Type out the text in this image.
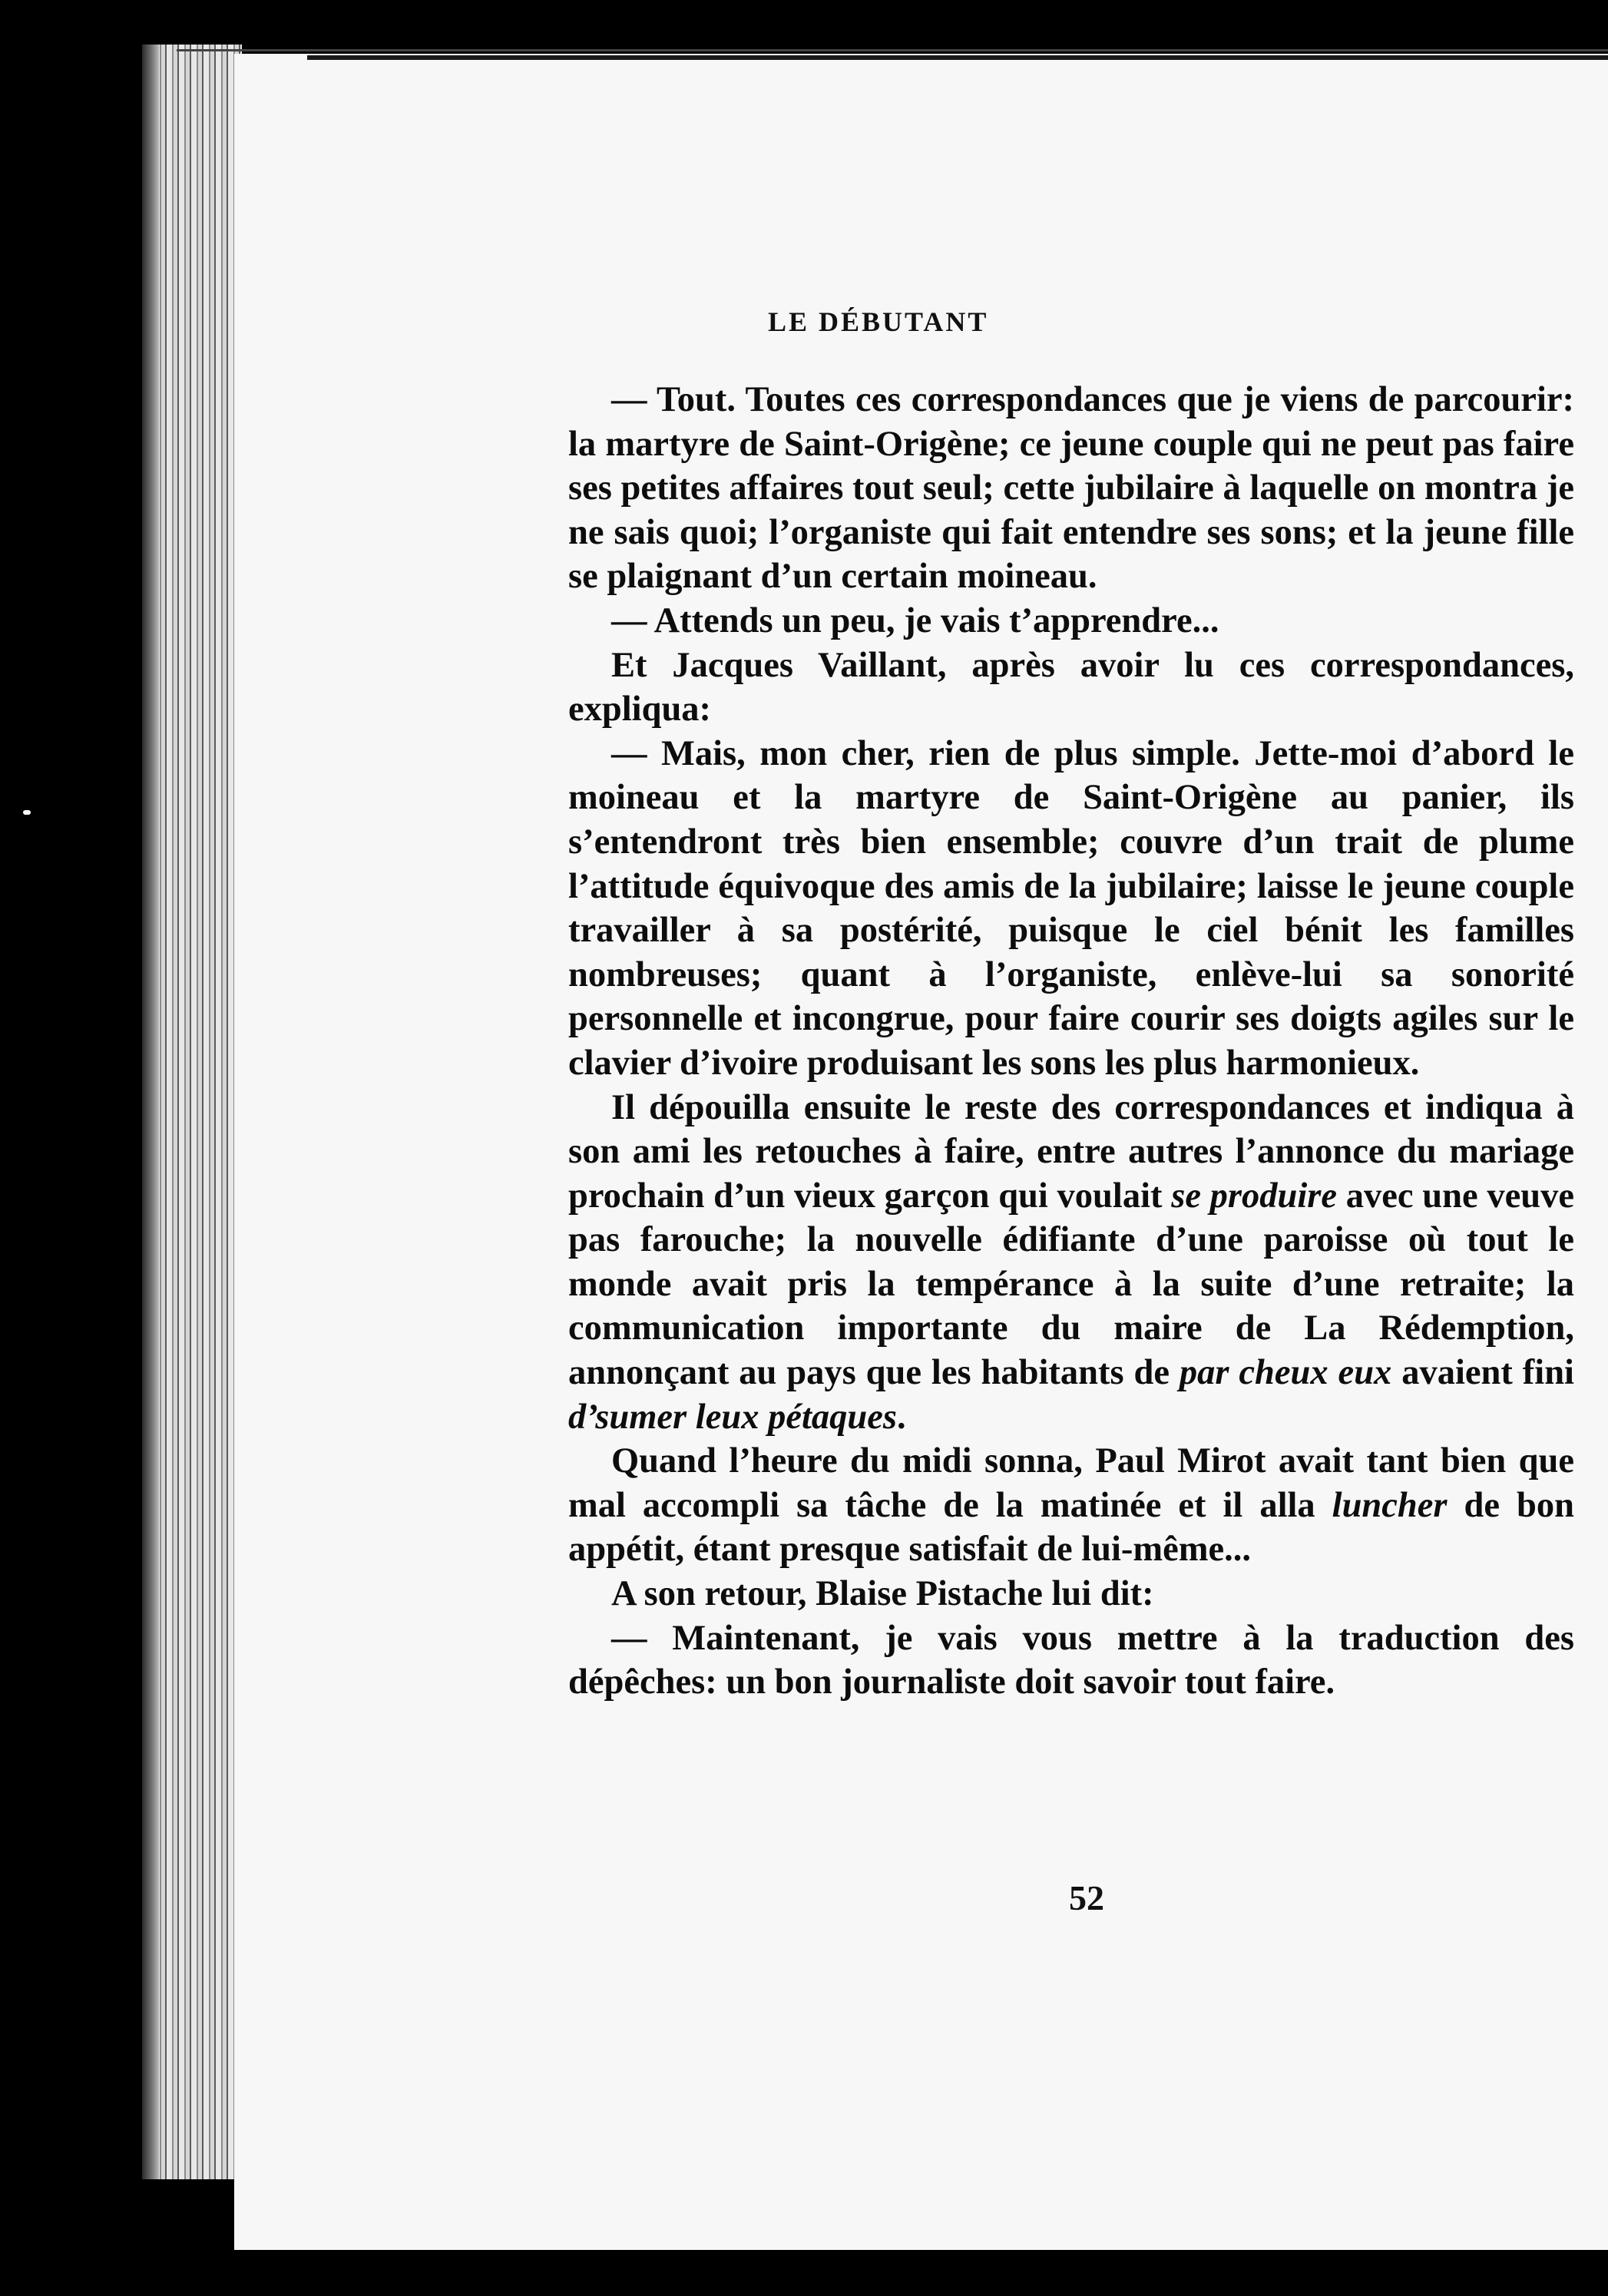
LE DÉBUTANT

— Tout. Toutes ces correspondances que je viens de parcourir: la martyre de Saint-Origène; ce jeune couple qui ne peut pas faire ses petites affaires tout seul; cette jubilaire à laquelle on montra je ne sais quoi; l’organiste qui fait entendre ses sons; et la jeune fille se plaignant d’un certain moineau.

— Attends un peu, je vais t’apprendre...

Et Jacques Vaillant, après avoir lu ces correspondances, expliqua:

— Mais, mon cher, rien de plus simple. Jette-moi d’abord le moineau et la martyre de Saint-Origène au panier, ils s’entendront très bien ensemble; couvre d’un trait de plume l’attitude équivoque des amis de la jubilaire; laisse le jeune couple travailler à sa postérité, puisque le ciel bénit les familles nombreuses; quant à l’organiste, enlève-lui sa sonorité personnelle et incongrue, pour faire courir ses doigts agiles sur le clavier d’ivoire produisant les sons les plus harmonieux.

Il dépouilla ensuite le reste des correspondances et indiqua à son ami les retouches à faire, entre autres l’annonce du mariage prochain d’un vieux garçon qui voulait se produire avec une veuve pas farouche; la nouvelle édifiante d’une paroisse où tout le monde avait pris la tempérance à la suite d’une retraite; la communication importante du maire de La Rédemption, annonçant au pays que les habitants de par cheux eux avaient fini d’sumer leux pétaques.

Quand l’heure du midi sonna, Paul Mirot avait tant bien que mal accompli sa tâche de la matinée et il alla luncher de bon appétit, étant presque satisfait de lui-même...

A son retour, Blaise Pistache lui dit:

— Maintenant, je vais vous mettre à la traduction des dépêches: un bon journaliste doit savoir tout faire.

52
